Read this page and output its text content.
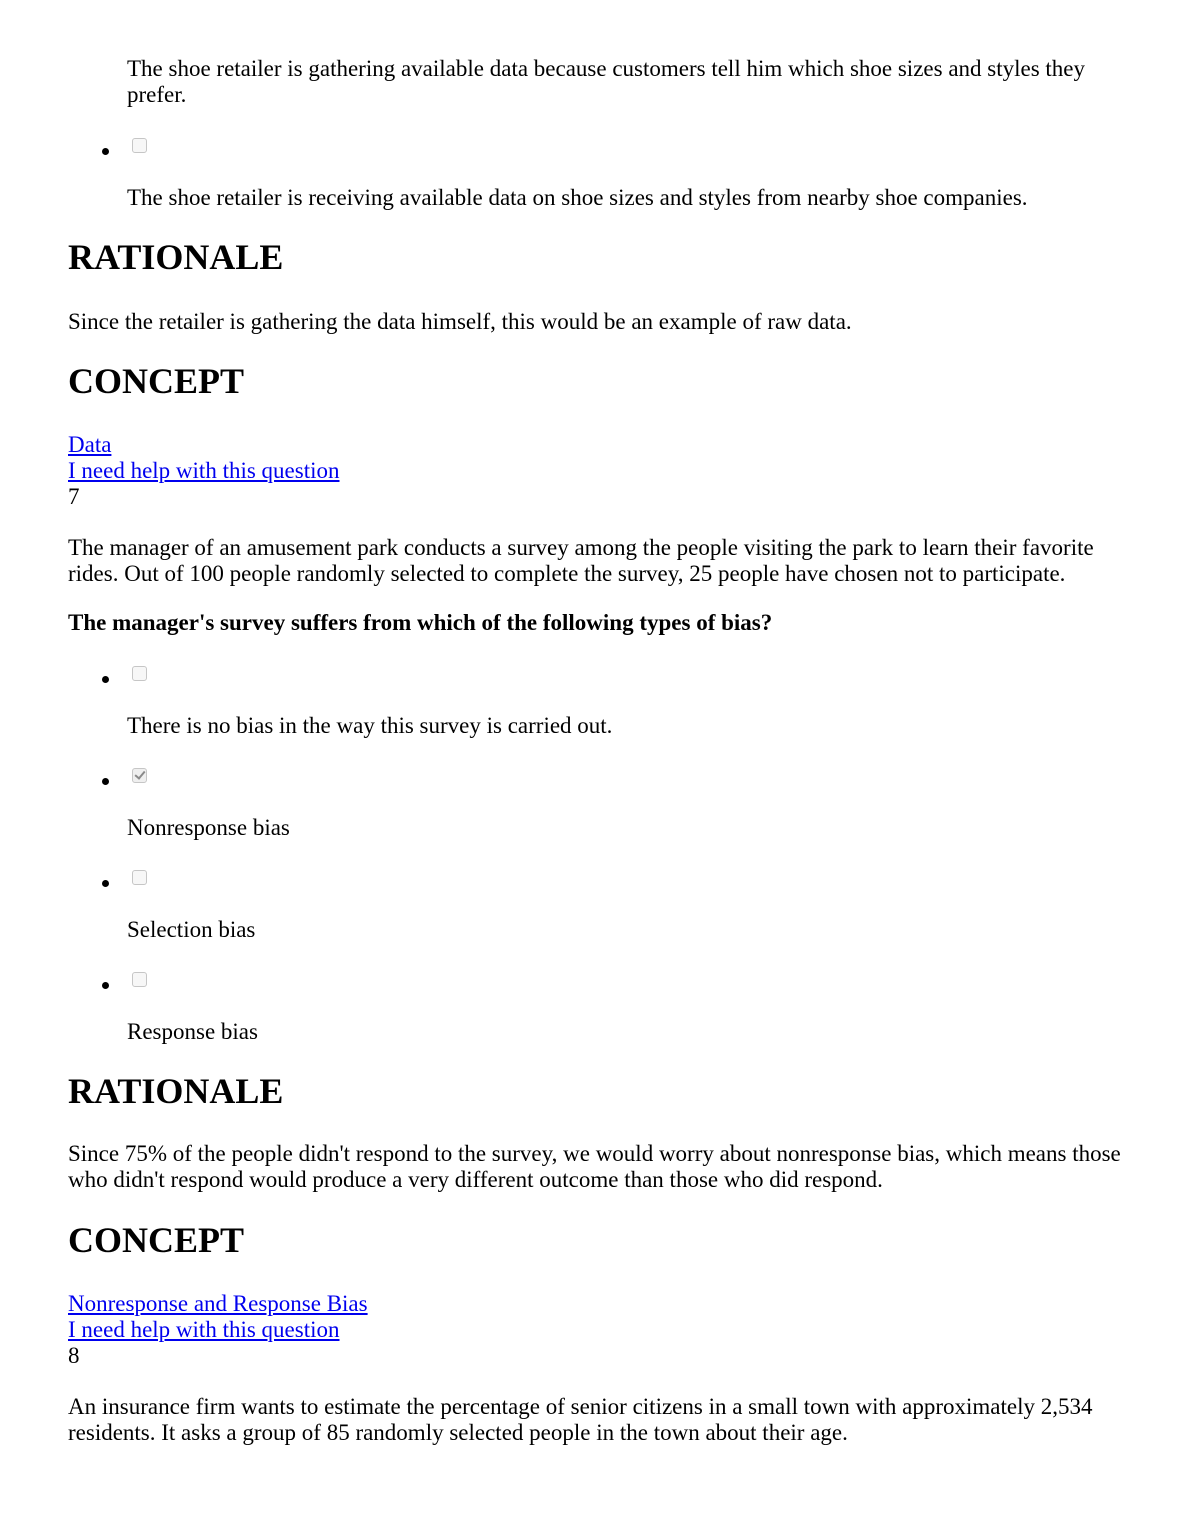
The shoe retailer is gathering available data because customers tell him which shoe sizes and styles they prefer.
The shoe retailer is receiving available data on shoe sizes and styles from nearby shoe companies.
RATIONALE
Since the retailer is gathering the data himself, this would be an example of raw data.
CONCEPT
Data
I need help with this question
7
The manager of an amusement park conducts a survey among the people visiting the park to learn their favorite rides. Out of 100 people randomly selected to complete the survey, 25 people have chosen not to participate.
The manager's survey suffers from which of the following types of bias?
There is no bias in the way this survey is carried out.
Nonresponse bias
Selection bias
Response bias
RATIONALE
Since 75% of the people didn't respond to the survey, we would worry about nonresponse bias, which means those who didn't respond would produce a very different outcome than those who did respond.
CONCEPT
Nonresponse and Response Bias
I need help with this question
8
An insurance firm wants to estimate the percentage of senior citizens in a small town with approximately 2,534 residents. It asks a group of 85 randomly selected people in the town about their age.
